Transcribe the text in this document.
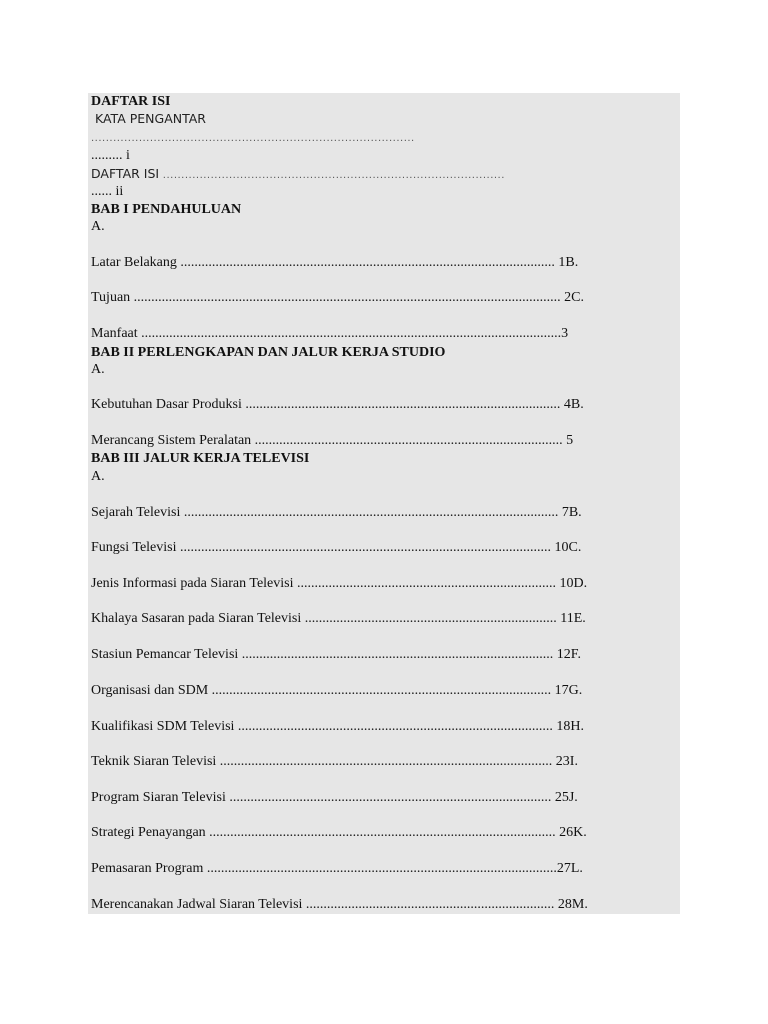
DAFTAR ISI
KATA PENGANTAR
........................................................................................
......... i
DAFTAR ISI .............................................................................................
...... ii
BAB I PENDAHULUAN
A.
Latar Belakang ........................................................................................................... 1B.
Tujuan .......................................................................................................................... 2C.
Manfaat ........................................................................................................................3
BAB II PERLENGKAPAN DAN JALUR KERJA STUDIO
A.
Kebutuhan Dasar Produksi .......................................................................................... 4B.
Merancang Sistem Peralatan ........................................................................................ 5
BAB III JALUR KERJA TELEVISI
A.
Sejarah Televisi ........................................................................................................... 7B.
Fungsi Televisi .......................................................................................................... 10C.
Jenis Informasi pada Siaran Televisi .......................................................................... 10D.
Khalaya Sasaran pada Siaran Televisi ........................................................................ 11E.
Stasiun Pemancar Televisi ......................................................................................... 12F.
Organisasi dan SDM ................................................................................................. 17G.
Kualifikasi SDM Televisi .......................................................................................... 18H.
Teknik Siaran Televisi ............................................................................................... 23I.
Program Siaran Televisi ............................................................................................ 25J.
Strategi Penayangan ................................................................................................... 26K.
Pemasaran Program ....................................................................................................27L.
Merencanakan Jadwal Siaran Televisi ....................................................................... 28M.
